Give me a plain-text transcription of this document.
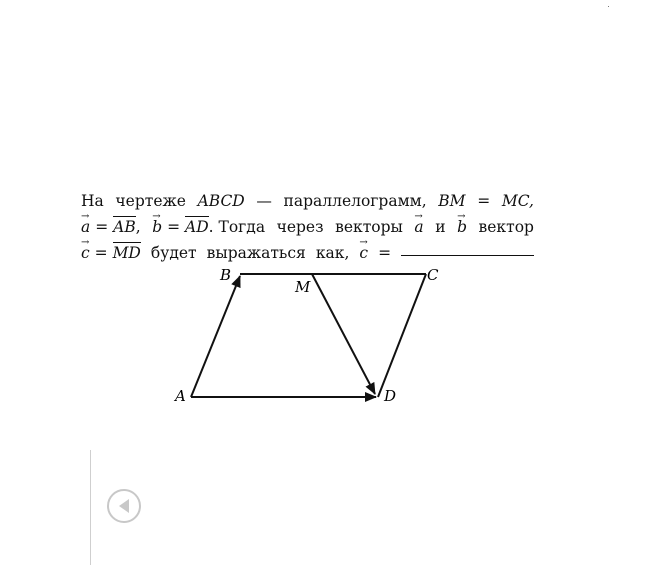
На чертеже ABCD — параллелограмм, BM = MC,
→ a = AB, → b = AD. Тогда через векторы → a и → b вектор
→ c = MD будет выражаться как, → c =
B	C
M
A	D
